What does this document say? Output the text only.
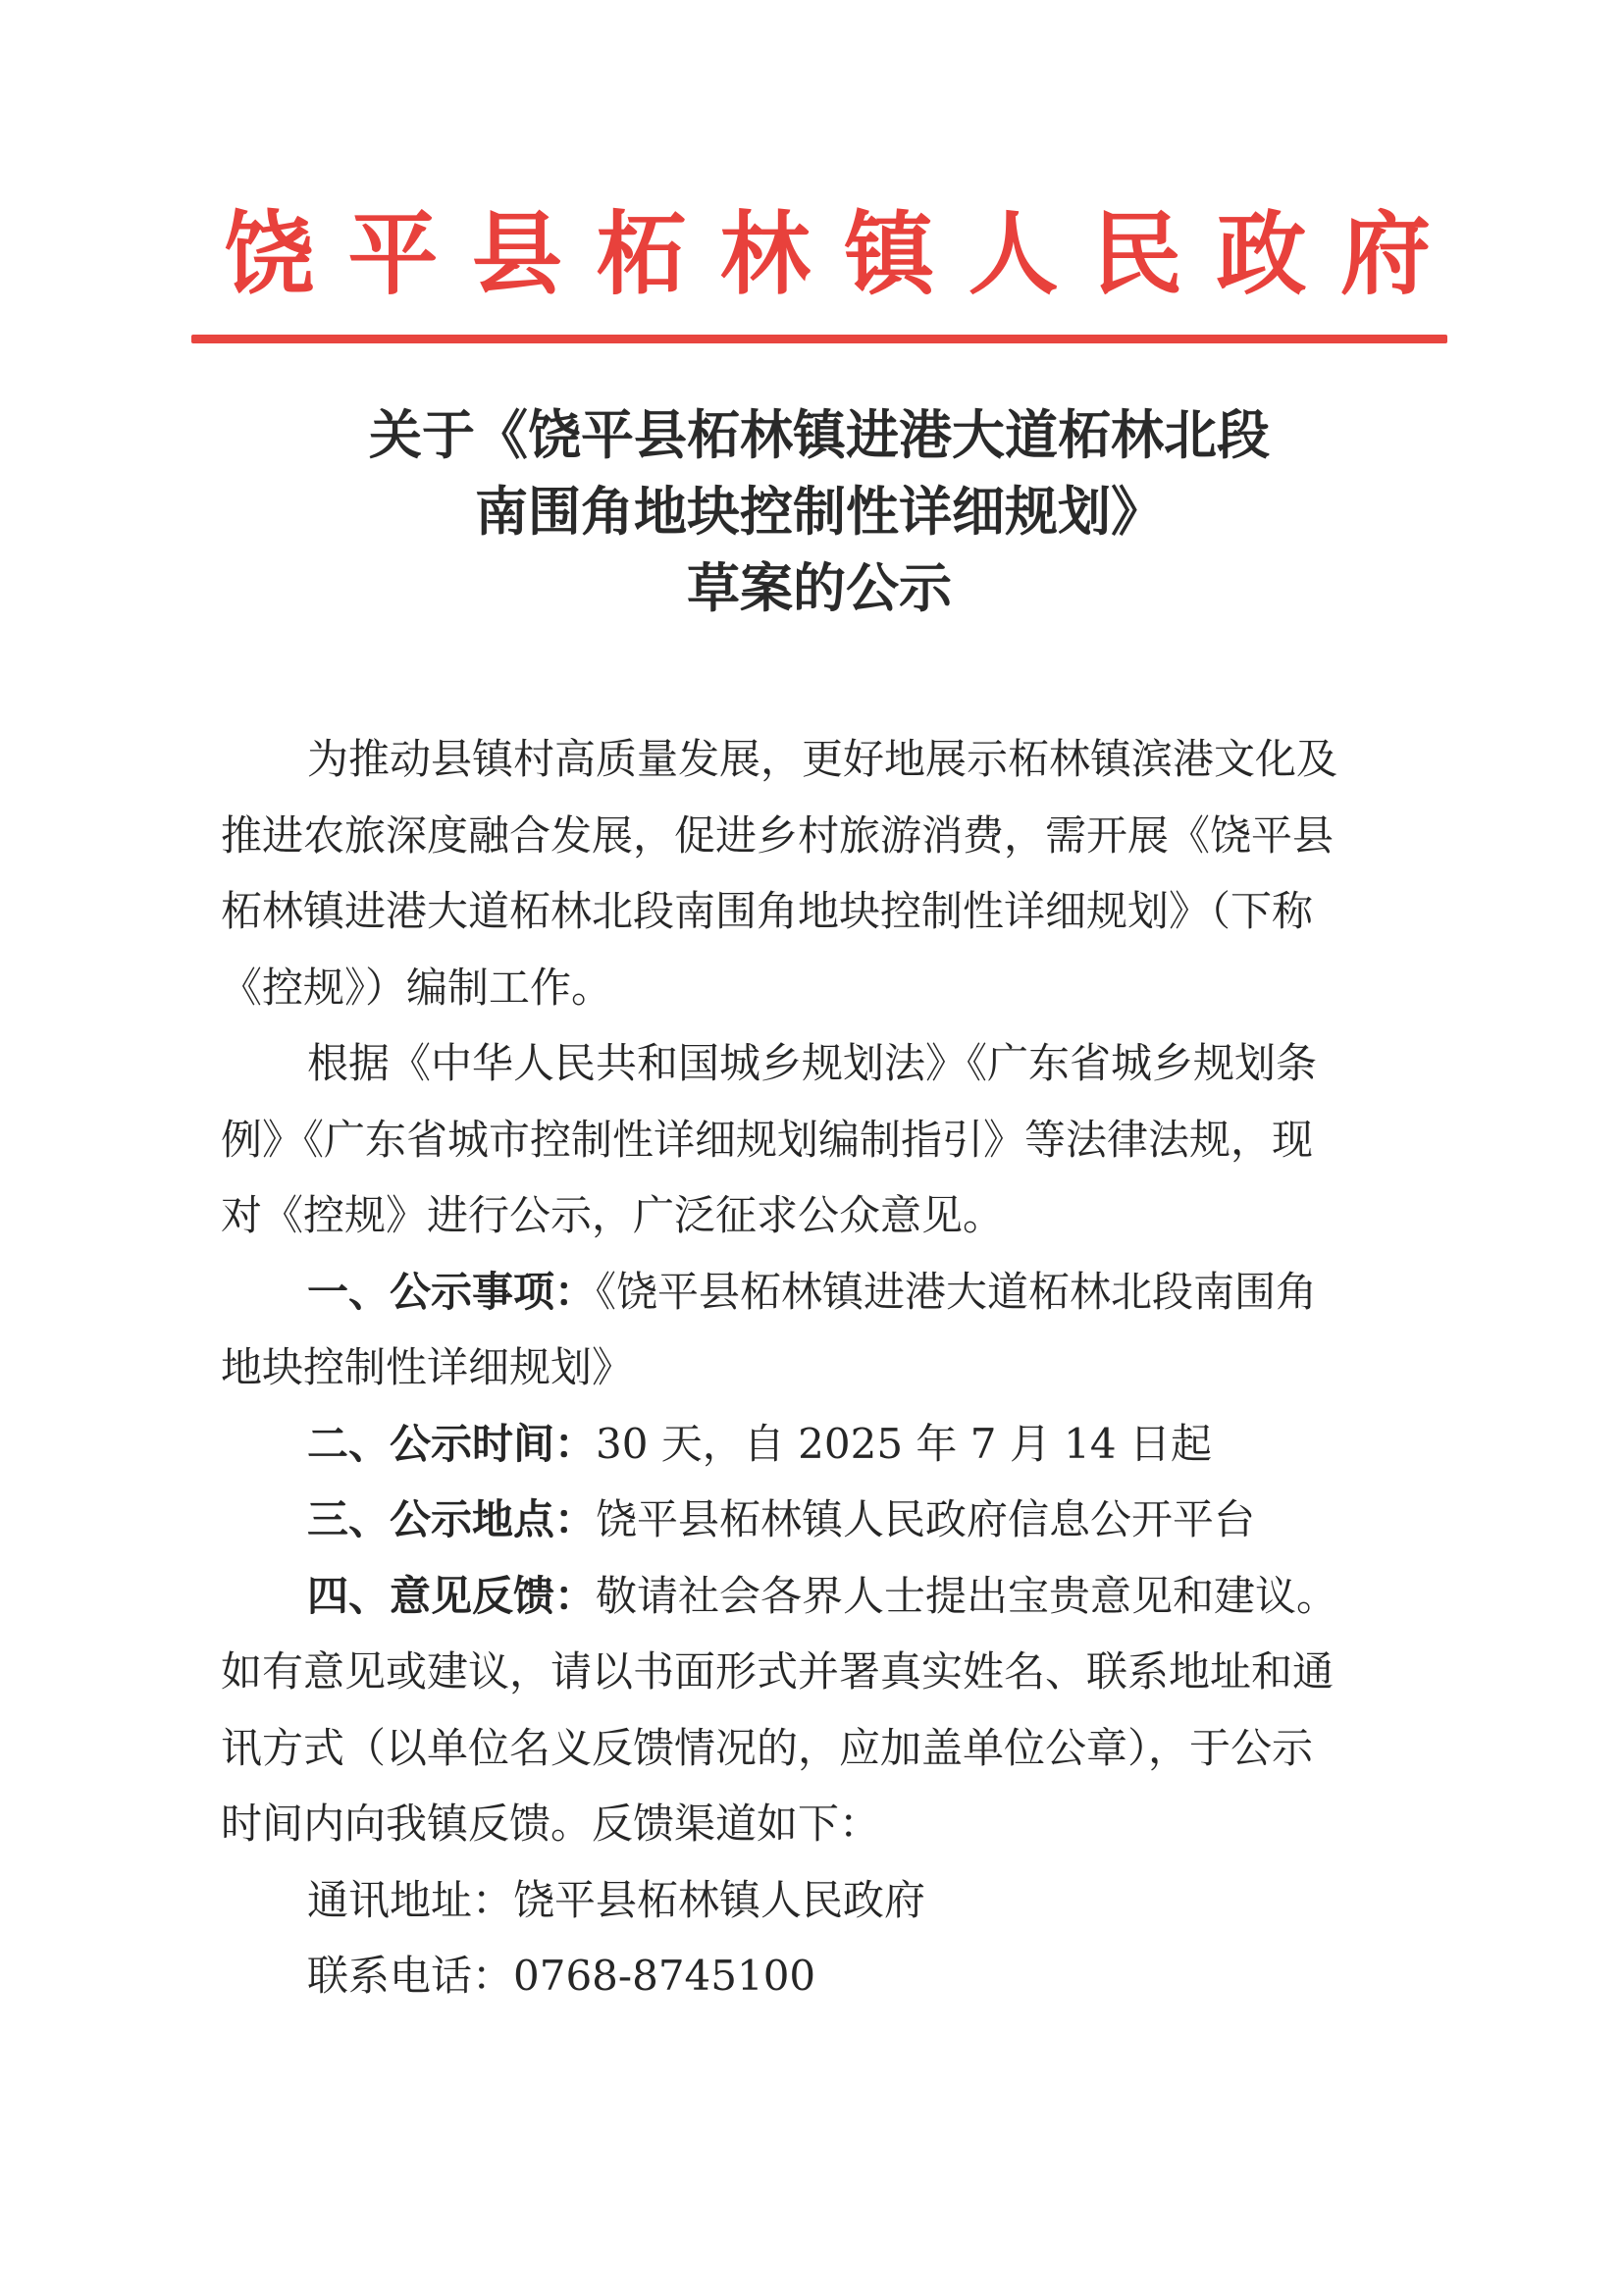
饶 平 县 柘 林 镇 人 民 政 府
关于《饶平县柘林镇进港大道柘林北段
南围角地块控制性详细规划》
草案的公示
为推动县镇村高质量发展，更好地展示柘林镇滨港文化及
推进农旅深度融合发展，促进乡村旅游消费，需开展《饶平县
柘林镇进港大道柘林北段南围角地块控制性详细规划》（下称
《控规》）编制工作。
根据《中华人民共和国城乡规划法》《广东省城乡规划条
例》《广东省城市控制性详细规划编制指引》等法律法规，现
对《控规》进行公示，广泛征求公众意见。
一、公示事项：《饶平县柘林镇进港大道柘林北段南围角
地块控制性详细规划》
二、公示时间：30 天，自 2025 年 7 月 14 日起
三、公示地点：饶平县柘林镇人民政府信息公开平台
四、意见反馈：敬请社会各界人士提出宝贵意见和建议。
如有意见或建议，请以书面形式并署真实姓名、联系地址和通
讯方式（以单位名义反馈情况的，应加盖单位公章），于公示
时间内向我镇反馈。反馈渠道如下：
通讯地址：饶平县柘林镇人民政府
联系电话：0768-8745100
